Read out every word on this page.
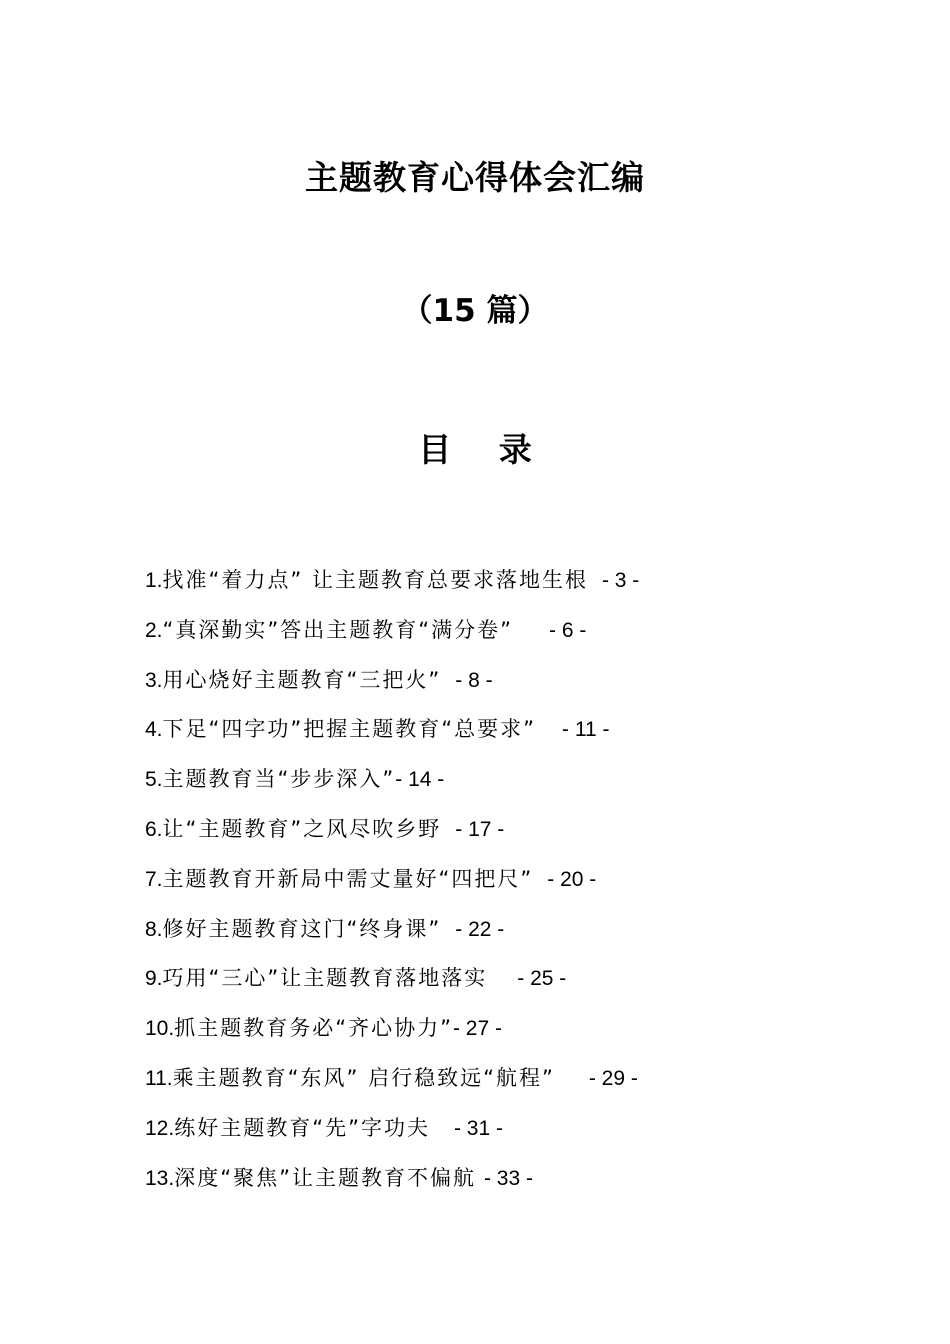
主题教育心得体会汇编
（15 篇）
目 录
1.找准“着力点” 让主题教育总要求落地生根 - 3 -
2.“真深勤实”答出主题教育“满分卷” - 6 -
3.用心烧好主题教育“三把火” - 8 -
4.下足“四字功”把握主题教育“总要求” - 11 -
5.主题教育当“步步深入”- 14 -
6.让“主题教育”之风尽吹乡野 - 17 -
7.主题教育开新局中需丈量好“四把尺” - 20 -
8.修好主题教育这门“终身课” - 22 -
9.巧用“三心”让主题教育落地落实 - 25 -
10.抓主题教育务必“齐心协力”- 27 -
11.乘主题教育“东风” 启行稳致远“航程” - 29 -
12.练好主题教育“先”字功夫 - 31 -
13.深度“聚焦”让主题教育不偏航 - 33 -
